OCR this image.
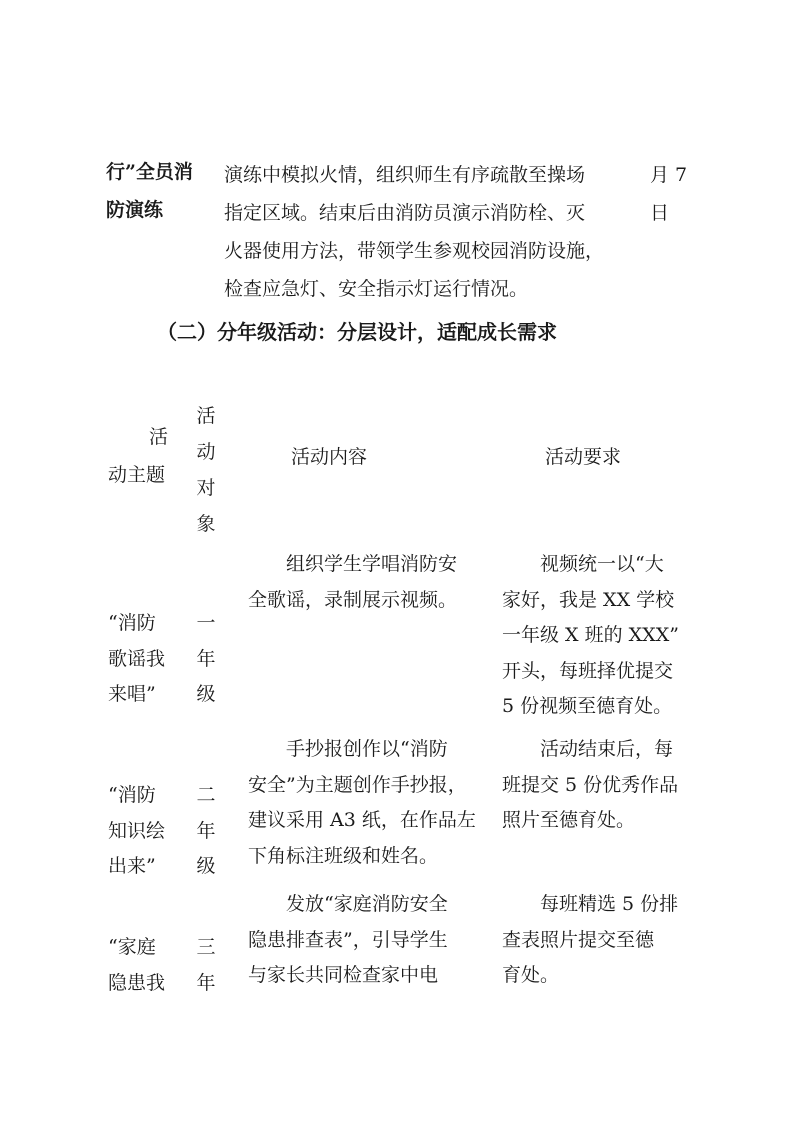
行”全员消
防演练
演练中模拟火情，组织师生有序疏散至操场
指定区域。结束后由消防员演示消防栓、灭
火器使用方法，带领学生参观校园消防设施，
检查应急灯、安全指示灯运行情况。
月 7
日
（二）分年级活动：分层设计，适配成长需求
活
动主题
活
动
对
象
活动内容	活动要求
“消防
歌谣我
来唱”
一
年
级
　　组织学生学唱消防安
全歌谣，录制展示视频。
　　视频统一以“大
家好，我是 XX 学校
一年级 X 班的 XXX”
开头，每班择优提交
5 份视频至德育处。
“消防
知识绘
出来”
二
年
级
　　手抄报创作以“消防
安全”为主题创作手抄报，
建议采用 A3 纸，在作品左
下角标注班级和姓名。
　　活动结束后，每
班提交 5 份优秀作品
照片至德育处。
“家庭
隐患我
三
年
　　发放“家庭消防安全
隐患排查表”，引导学生
与家长共同检查家中电
　　每班精选 5 份排
查表照片提交至德
育处。
